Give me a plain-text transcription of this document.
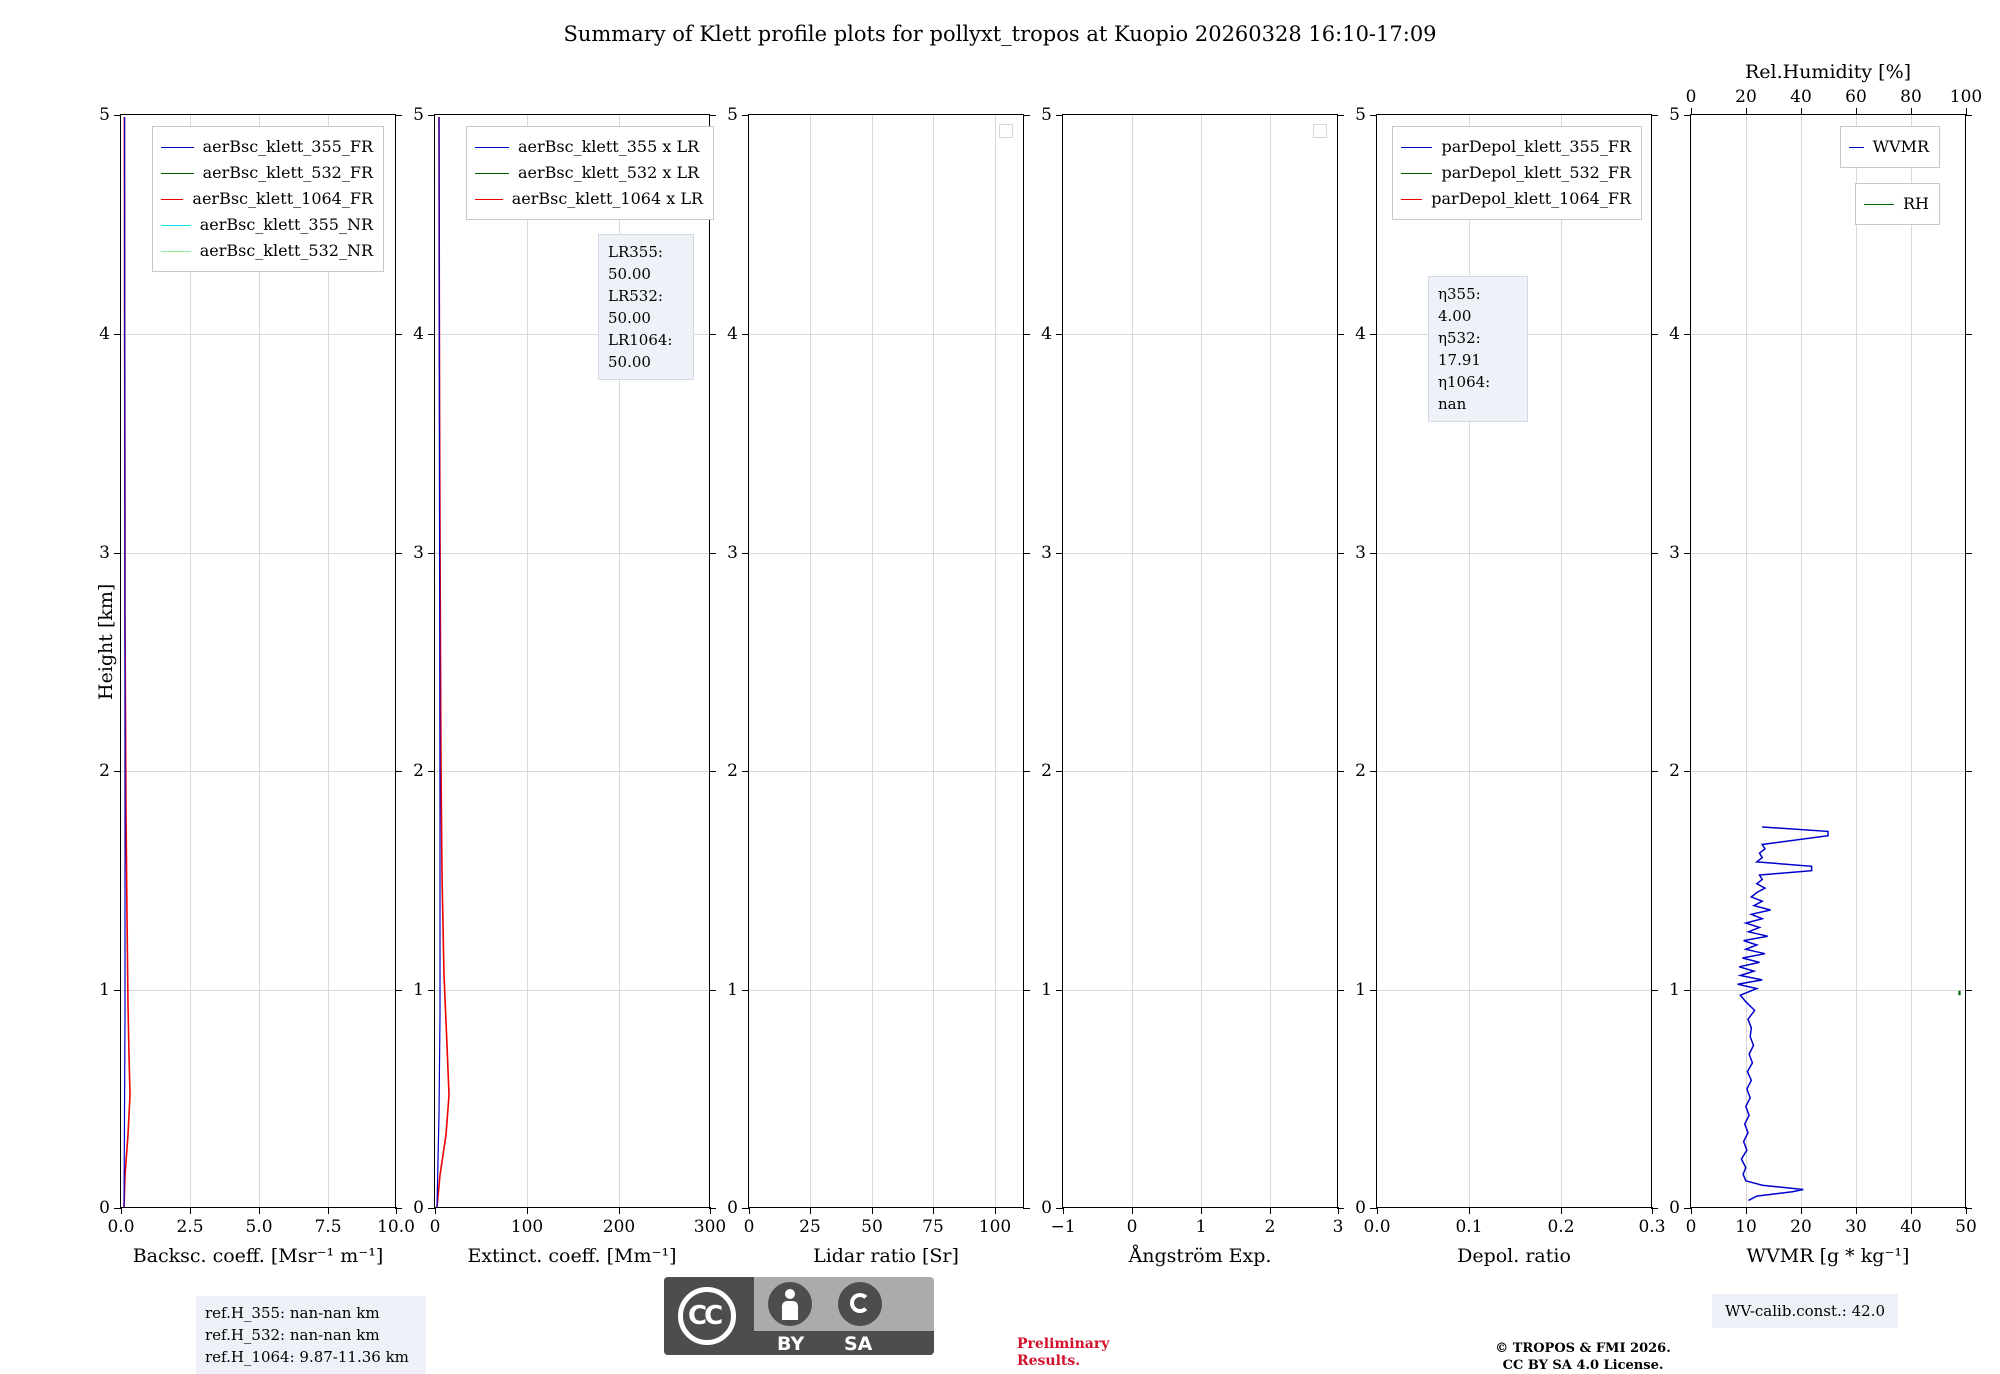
Summary of Klett profile plots for pollyxt_tropos at Kuopio 20260328 16:10-17:09
Height [km]
5
4
3
2
1
0
0.0	2.5	5.0	7.5	10.0
Backsc. coeff. [Msr⁻¹ m⁻¹]
aerBsc_klett_355_FR
aerBsc_klett_532_FR
aerBsc_klett_1064_FR
aerBsc_klett_355_NR
aerBsc_klett_532_NR
5
4
3
2
1
0
0	100	200	300
Extinct. coeff. [Mm⁻¹]
aerBsc_klett_355 x LR
aerBsc_klett_532 x LR
aerBsc_klett_1064 x LR
LR355: 50.00
LR532: 50.00
LR1064: 50.00
5
4
3
2
1
0
0	25	50	75	100
Lidar ratio [Sr]
5
4
3
2
1
0
−1	0	1	2	3
Ångström Exp.
5
4
3
2
1
0
0.0	0.1	0.2	0.3
Depol. ratio
parDepol_klett_355_FR
parDepol_klett_532_FR
parDepol_klett_1064_FR
η355: 4.00
η532: 17.91
η1064: nan
5
4
3
2
1
0
0	10	20	30	40	50
WVMR [g * kg⁻¹]
0	20	40	60	80	100
Rel.Humidity [%]
WVMR
RH
ref.H_355: nan-nan km
ref.H_532: nan-nan km
ref.H_1064: 9.87-11.36 km
CC
BY SA	Preliminary
Results.
© TROPOS & FMI 2026.
CC BY SA 4.0 License.
WV-calib.const.: 42.0
